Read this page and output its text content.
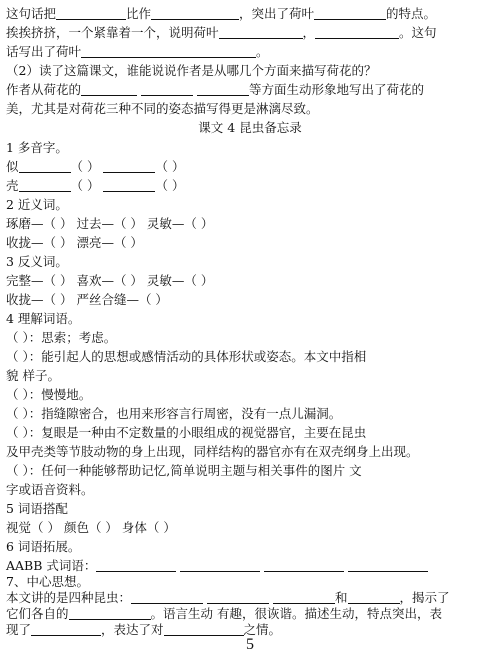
这句话把	比作	，突出了荷叶	的特点。
挨挨挤挤，一个紧靠着一个，说明荷叶	，	。这句
话写出了荷叶	。
（2）读了这篇课文，谁能说说作者是从哪几个方面来描写荷花的？
作者从荷花的	等方面生动形象地写出了荷花的
美，尤其是对荷花三种不同的姿态描写得更是淋漓尽致。
课文 4 昆虫备忘录
1 多音字。
似	（ ）	（ ）
壳	（ ）	（ ）
2 近义词。
琢磨—（ ） 过去—（ ） 灵敏—（ ）
收拢—（ ） 漂亮—（ ）
3 反义词。
完整—（ ） 喜欢—（ ） 灵敏—（ ）
收拢—（ ） 严丝合缝—（ ）
4 理解词语。
（ ）：思索；考虑。
（ ）：能引起人的思想或感情活动的具体形状或姿态。本文中指相
貌 样子。
（ ）：慢慢地。
（ ）：指缝隙密合，也用来形容言行周密，没有一点儿漏洞。
（ ）：复眼是一种由不定数量的小眼组成的视觉器官，主要在昆虫
及甲壳类等节肢动物的身上出现，同样结构的器官亦有在双壳纲身上出现。
（ ）：任何一种能够帮助记忆,简单说明主题与相关事件的图片 文
字或语音资料。
5 词语搭配
视觉（ ） 颜色（ ） 身体（ ）
6 词语拓展。
AABB 式词语：
7、中心思想。
本文讲的是四种昆虫：	和	，揭示了
它们各自的	。语言生动 有趣，很诙谐。描述生动，特点突出，表
现了	，表达了对	之情。
5
